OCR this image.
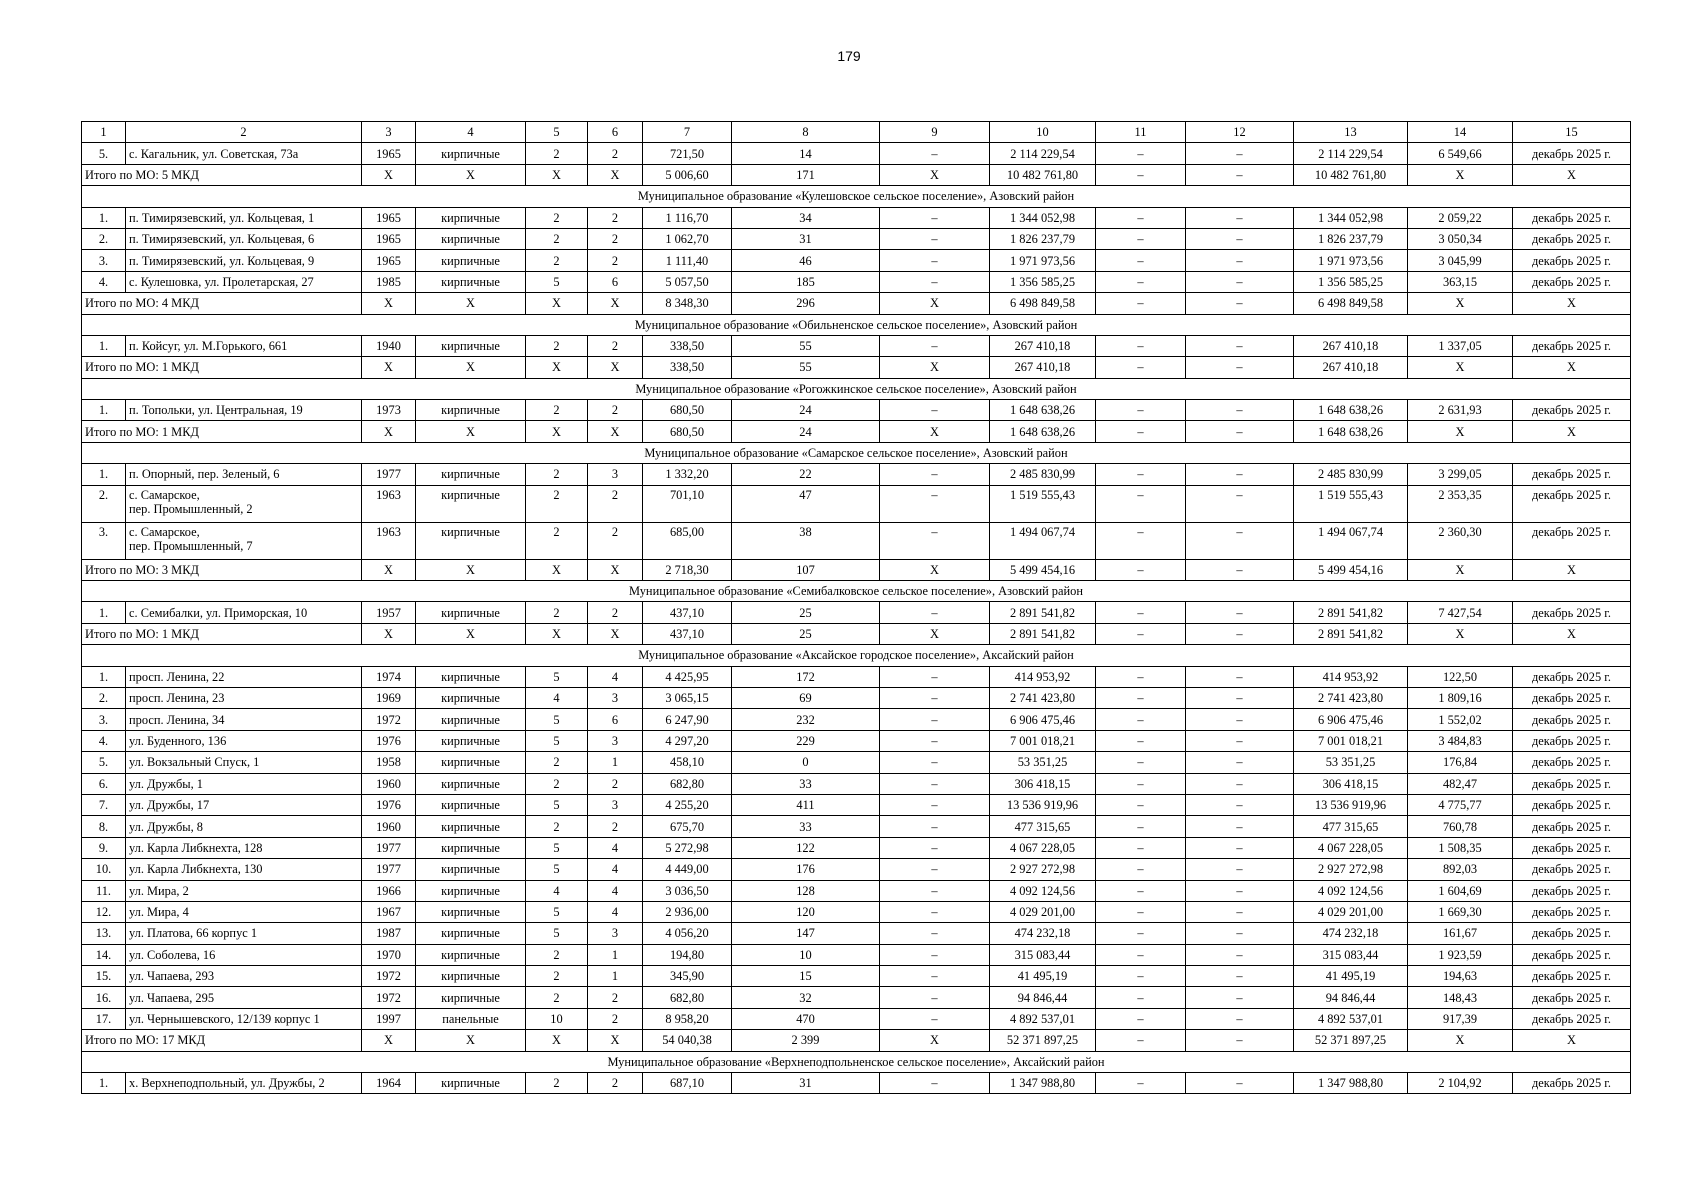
179
1	2	3	4	5	6	7	8	9	10	11	12	13	14	15
5.	с. Кагальник, ул. Советская, 73а	1965	кирпичные	2	2	721,50	14	–	2 114 229,54	–	–	2 114 229,54	6 549,66	декабрь 2025 г.
Итого по МО: 5 МКД		Х	Х	Х	Х	5 006,60	171	Х	10 482 761,80	–	–	10 482 761,80	Х	Х
Муниципальное образование «Кулешовское сельское поселение», Азовский район														
1.	п. Тимирязевский, ул. Кольцевая, 1	1965	кирпичные	2	2	1 116,70	34	–	1 344 052,98	–	–	1 344 052,98	2 059,22	декабрь 2025 г.
2.	п. Тимирязевский, ул. Кольцевая, 6	1965	кирпичные	2	2	1 062,70	31	–	1 826 237,79	–	–	1 826 237,79	3 050,34	декабрь 2025 г.
3.	п. Тимирязевский, ул. Кольцевая, 9	1965	кирпичные	2	2	1 111,40	46	–	1 971 973,56	–	–	1 971 973,56	3 045,99	декабрь 2025 г.
4.	с. Кулешовка, ул. Пролетарская, 27	1985	кирпичные	5	6	5 057,50	185	–	1 356 585,25	–	–	1 356 585,25	363,15	декабрь 2025 г.
Итого по МО: 4 МКД		Х	Х	Х	Х	8 348,30	296	Х	6 498 849,58	–	–	6 498 849,58	Х	Х
Муниципальное образование «Обильненское сельское поселение», Азовский район														
1.	п. Койсуг, ул. М.Горького, 661	1940	кирпичные	2	2	338,50	55	–	267 410,18	–	–	267 410,18	1 337,05	декабрь 2025 г.
Итого по МО: 1 МКД		Х	Х	Х	Х	338,50	55	Х	267 410,18	–	–	267 410,18	Х	Х
Муниципальное образование «Рогожкинское сельское поселение», Азовский район														
1.	п. Топольки, ул. Центральная, 19	1973	кирпичные	2	2	680,50	24	–	1 648 638,26	–	–	1 648 638,26	2 631,93	декабрь 2025 г.
Итого по МО: 1 МКД		Х	Х	Х	Х	680,50	24	Х	1 648 638,26	–	–	1 648 638,26	Х	Х
Муниципальное образование «Самарское сельское поселение», Азовский район														
1.	п. Опорный, пер. Зеленый, 6	1977	кирпичные	2	3	1 332,20	22	–	2 485 830,99	–	–	2 485 830,99	3 299,05	декабрь 2025 г.
2.	с. Самарское,
пер. Промышленный, 2	1963	кирпичные	2	2	701,10	47	–	1 519 555,43	–	–	1 519 555,43	2 353,35	декабрь 2025 г.
3.	с. Самарское,
пер. Промышленный, 7	1963	кирпичные	2	2	685,00	38	–	1 494 067,74	–	–	1 494 067,74	2 360,30	декабрь 2025 г.
Итого по МО: 3 МКД		Х	Х	Х	Х	2 718,30	107	Х	5 499 454,16	–	–	5 499 454,16	Х	Х
Муниципальное образование «Семибалковское сельское поселение», Азовский район														
1.	с. Семибалки, ул. Приморская, 10	1957	кирпичные	2	2	437,10	25	–	2 891 541,82	–	–	2 891 541,82	7 427,54	декабрь 2025 г.
Итого по МО: 1 МКД		Х	Х	Х	Х	437,10	25	Х	2 891 541,82	–	–	2 891 541,82	Х	Х
Муниципальное образование «Аксайское городское поселение», Аксайский район														
1.	просп. Ленина, 22	1974	кирпичные	5	4	4 425,95	172	–	414 953,92	–	–	414 953,92	122,50	декабрь 2025 г.
2.	просп. Ленина, 23	1969	кирпичные	4	3	3 065,15	69	–	2 741 423,80	–	–	2 741 423,80	1 809,16	декабрь 2025 г.
3.	просп. Ленина, 34	1972	кирпичные	5	6	6 247,90	232	–	6 906 475,46	–	–	6 906 475,46	1 552,02	декабрь 2025 г.
4.	ул. Буденного, 136	1976	кирпичные	5	3	4 297,20	229	–	7 001 018,21	–	–	7 001 018,21	3 484,83	декабрь 2025 г.
5.	ул. Вокзальный Спуск, 1	1958	кирпичные	2	1	458,10	0	–	53 351,25	–	–	53 351,25	176,84	декабрь 2025 г.
6.	ул. Дружбы, 1	1960	кирпичные	2	2	682,80	33	–	306 418,15	–	–	306 418,15	482,47	декабрь 2025 г.
7.	ул. Дружбы, 17	1976	кирпичные	5	3	4 255,20	411	–	13 536 919,96	–	–	13 536 919,96	4 775,77	декабрь 2025 г.
8.	ул. Дружбы, 8	1960	кирпичные	2	2	675,70	33	–	477 315,65	–	–	477 315,65	760,78	декабрь 2025 г.
9.	ул. Карла Либкнехта, 128	1977	кирпичные	5	4	5 272,98	122	–	4 067 228,05	–	–	4 067 228,05	1 508,35	декабрь 2025 г.
10.	ул. Карла Либкнехта, 130	1977	кирпичные	5	4	4 449,00	176	–	2 927 272,98	–	–	2 927 272,98	892,03	декабрь 2025 г.
11.	ул. Мира, 2	1966	кирпичные	4	4	3 036,50	128	–	4 092 124,56	–	–	4 092 124,56	1 604,69	декабрь 2025 г.
12.	ул. Мира, 4	1967	кирпичные	5	4	2 936,00	120	–	4 029 201,00	–	–	4 029 201,00	1 669,30	декабрь 2025 г.
13.	ул. Платова, 66 корпус 1	1987	кирпичные	5	3	4 056,20	147	–	474 232,18	–	–	474 232,18	161,67	декабрь 2025 г.
14.	ул. Соболева, 16	1970	кирпичные	2	1	194,80	10	–	315 083,44	–	–	315 083,44	1 923,59	декабрь 2025 г.
15.	ул. Чапаева, 293	1972	кирпичные	2	1	345,90	15	–	41 495,19	–	–	41 495,19	194,63	декабрь 2025 г.
16.	ул. Чапаева, 295	1972	кирпичные	2	2	682,80	32	–	94 846,44	–	–	94 846,44	148,43	декабрь 2025 г.
17.	ул. Чернышевского, 12/139 корпус 1	1997	панельные	10	2	8 958,20	470	–	4 892 537,01	–	–	4 892 537,01	917,39	декабрь 2025 г.
Итого по МО: 17 МКД		Х	Х	Х	Х	54 040,38	2 399	Х	52 371 897,25	–	–	52 371 897,25	Х	Х
Муниципальное образование «Верхнеподпольненское сельское поселение», Аксайский район														
1.	х. Верхнеподпольный, ул. Дружбы, 2	1964	кирпичные	2	2	687,10	31	–	1 347 988,80	–	–	1 347 988,80	2 104,92	декабрь 2025 г.
